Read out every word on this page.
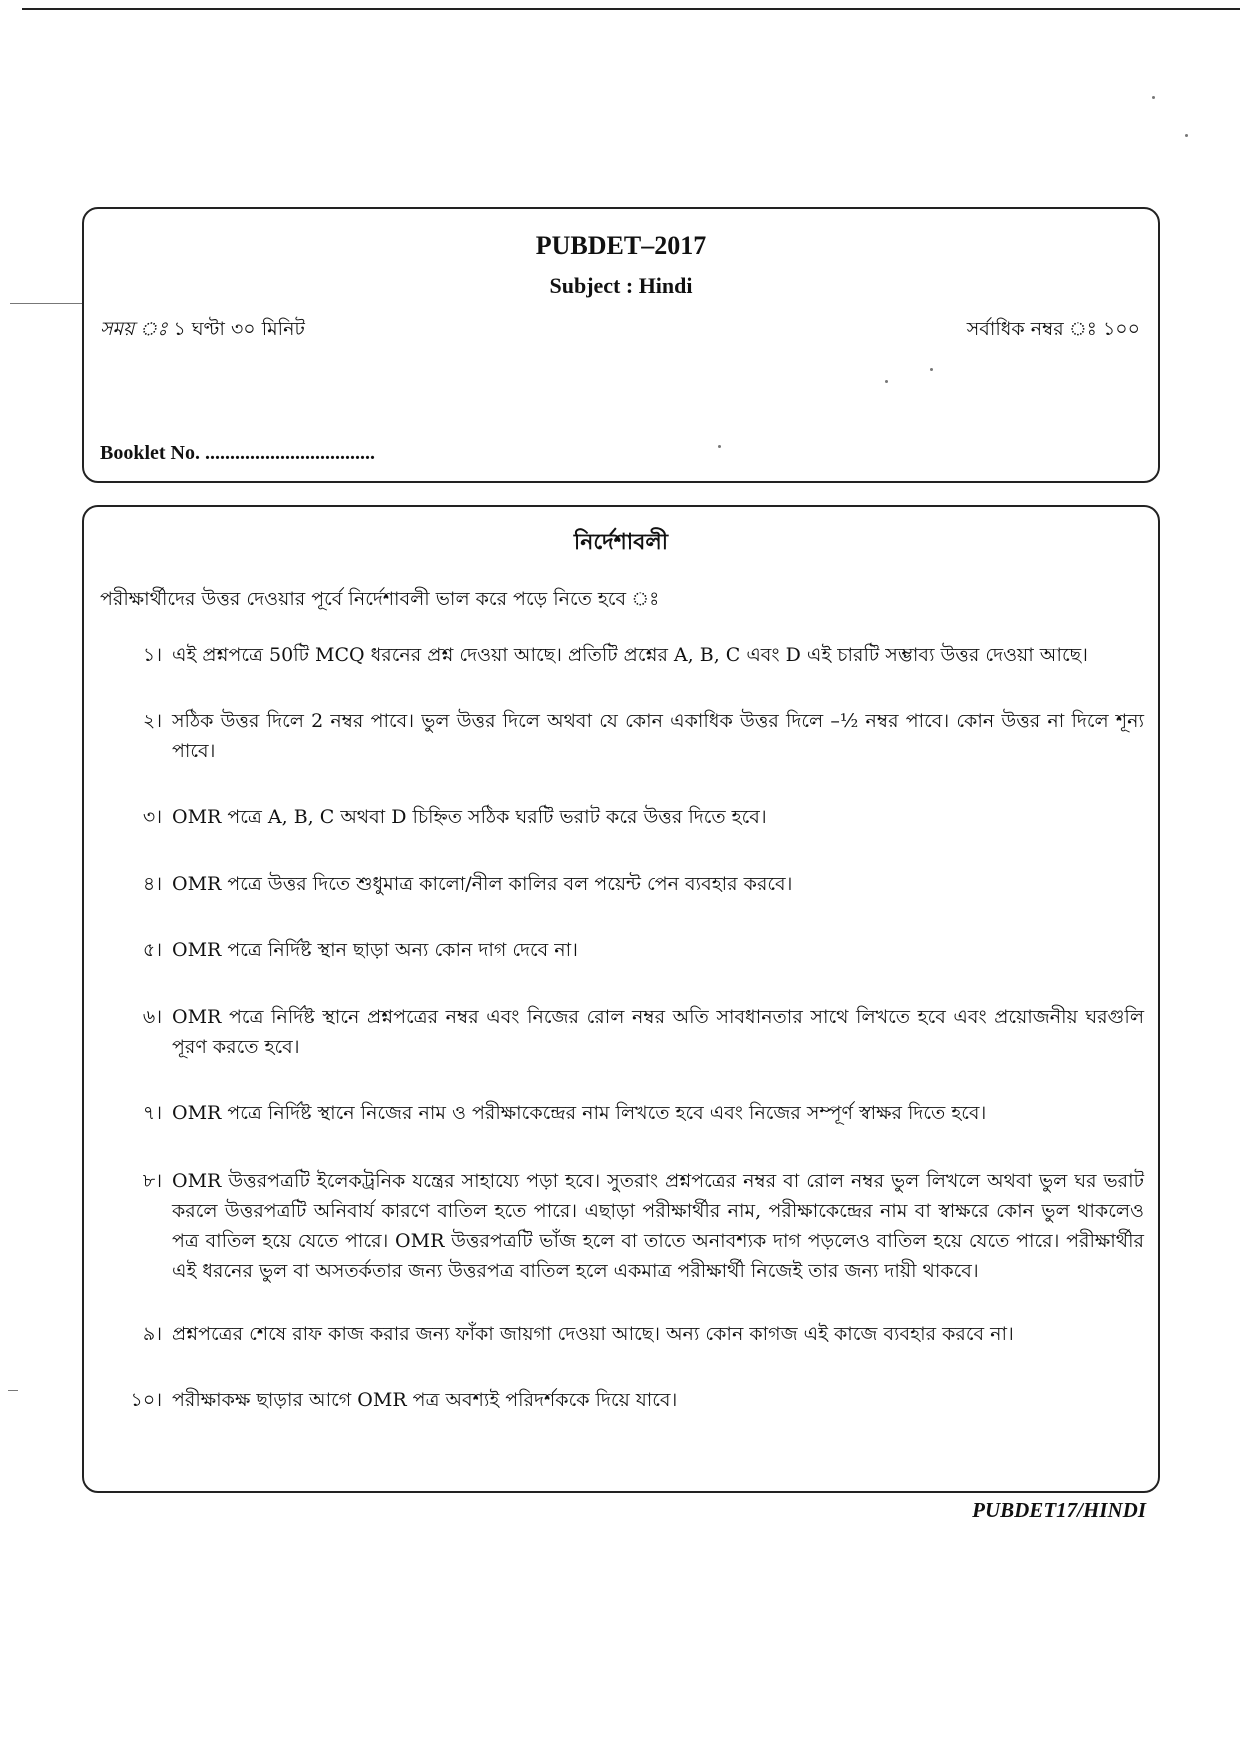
PUBDET–2017
Subject : Hindi
সময় ঃ ১ ঘণ্টা ৩০ মিনিট	সর্বাধিক নম্বর ঃ ১০০
Booklet No. ..................................
নির্দেশাবলী
পরীক্ষার্থীদের উত্তর দেওয়ার পূর্বে নির্দেশাবলী ভাল করে পড়ে নিতে হবে ঃ
১। এই প্রশ্নপত্রে 50টি MCQ ধরনের প্রশ্ন দেওয়া আছে। প্রতিটি প্রশ্নের A, B, C এবং D এই চারটি সম্ভাব্য উত্তর দেওয়া আছে।
২। সঠিক উত্তর দিলে 2 নম্বর পাবে। ভুল উত্তর দিলে অথবা যে কোন একাধিক উত্তর দিলে –½ নম্বর পাবে। কোন উত্তর না দিলে শূন্য পাবে।
৩। OMR পত্রে A, B, C অথবা D চিহ্নিত সঠিক ঘরটি ভরাট করে উত্তর দিতে হবে।
৪। OMR পত্রে উত্তর দিতে শুধুমাত্র কালো/নীল কালির বল পয়েন্ট পেন ব্যবহার করবে।
৫। OMR পত্রে নির্দিষ্ট স্থান ছাড়া অন্য কোন দাগ দেবে না।
৬। OMR পত্রে নির্দিষ্ট স্থানে প্রশ্নপত্রের নম্বর এবং নিজের রোল নম্বর অতি সাবধানতার সাথে লিখতে হবে এবং প্রয়োজনীয় ঘরগুলি পূরণ করতে হবে।
৭। OMR পত্রে নির্দিষ্ট স্থানে নিজের নাম ও পরীক্ষাকেন্দ্রের নাম লিখতে হবে এবং নিজের সম্পূর্ণ স্বাক্ষর দিতে হবে।
৮। OMR উত্তরপত্রটি ইলেকট্রনিক যন্ত্রের সাহায্যে পড়া হবে। সুতরাং প্রশ্নপত্রের নম্বর বা রোল নম্বর ভুল লিখলে অথবা ভুল ঘর ভরাট করলে উত্তরপত্রটি অনিবার্য কারণে বাতিল হতে পারে। এছাড়া পরীক্ষার্থীর নাম, পরীক্ষাকেন্দ্রের নাম বা স্বাক্ষরে কোন ভুল থাকলেও পত্র বাতিল হয়ে যেতে পারে। OMR উত্তরপত্রটি ভাঁজ হলে বা তাতে অনাবশ্যক দাগ পড়লেও বাতিল হয়ে যেতে পারে। পরীক্ষার্থীর এই ধরনের ভুল বা অসতর্কতার জন্য উত্তরপত্র বাতিল হলে একমাত্র পরীক্ষার্থী নিজেই তার জন্য দায়ী থাকবে।
৯। প্রশ্নপত্রের শেষে রাফ কাজ করার জন্য ফাঁকা জায়গা দেওয়া আছে। অন্য কোন কাগজ এই কাজে ব্যবহার করবে না।
১০। পরীক্ষাকক্ষ ছাড়ার আগে OMR পত্র অবশ্যই পরিদর্শককে দিয়ে যাবে।
PUBDET17/HINDI
